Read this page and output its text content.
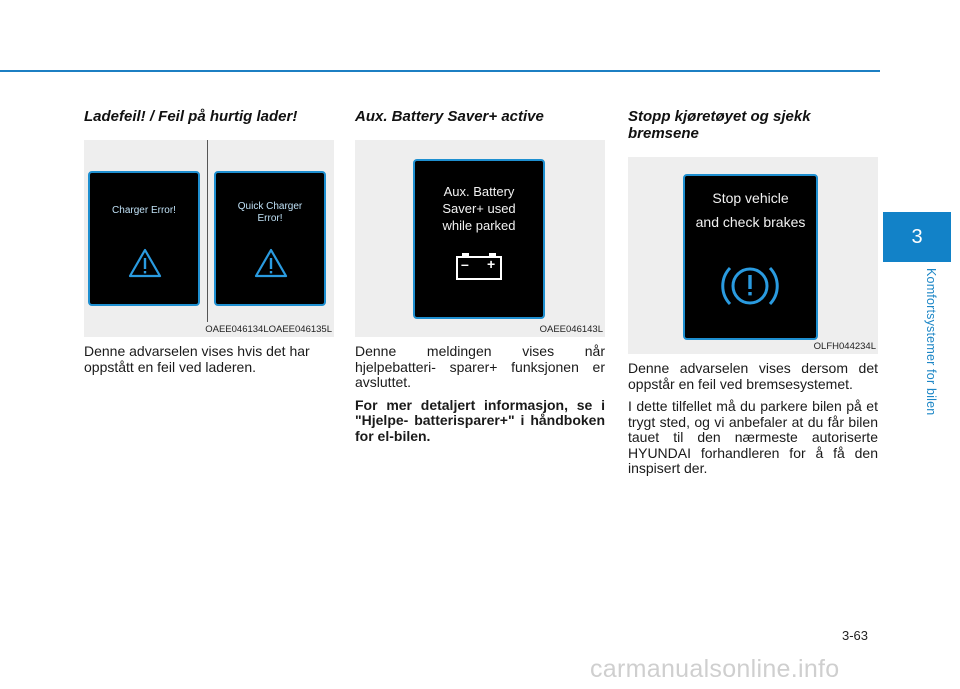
3
Komfortsystemer for bilen
Ladefeil! / Feil på hurtig lader!
Charger Error!	Quick Charger Error!
OAEE046134LOAEE046135L

Denne advarselen vises hvis det har oppstått en feil ved laderen.

Aux. Battery Saver+ active
Aux. Battery
Saver+ used
while parked
– +
OAEE046143L

Denne meldingen vises når hjelpebatteri- sparer+ funksjonen er avsluttet.

For mer detaljert informasjon, se i "Hjelpe- batterisparer+" i håndboken for el-bilen.

Stopp kjøretøyet og sjekk bremsene
Stop vehicle
and check brakes
OLFH044234L

Denne advarselen vises dersom det oppstår en feil ved bremsesystemet.

I dette tilfellet må du parkere bilen på et trygt sted, og vi anbefaler at du får bilen tauet til den nærmeste autoriserte HYUNDAI forhandleren for å få den inspisert der.

3-63
carmanualsonline.info
